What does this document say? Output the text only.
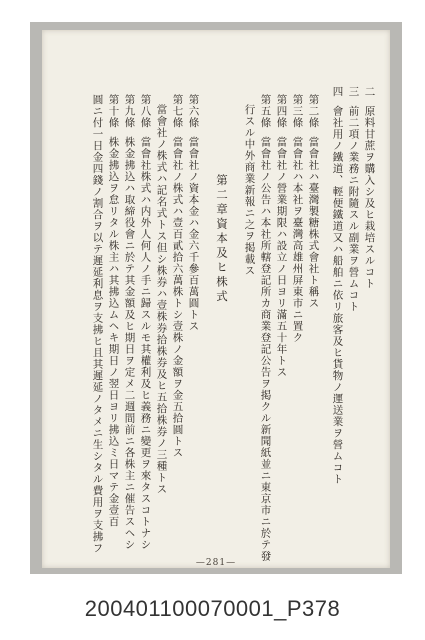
二原料甘蔗ヲ購入シ及ヒ栽培スルコト
三前二項ノ業務ニ附隨スル副業ヲ營ムコト
四會社用ノ鐵道、輕便鐵道又ハ船舶ニ依リ旅客及ヒ貨物ノ運送業ヲ營ムコト
第二條當會社ハ臺灣製糖株式會社ト稱ス
第三條當會社ハ本社ヲ臺灣高雄州屏東市ニ置ク
第四條當會社ノ營業期限ハ設立ノ日ヨリ滿五十年トス
第五條當會社ノ公告ハ本社所轄登記所カ商業登記公告ヲ掲クル新聞紙並ニ東京市ニ於テ發
行スル中外商業新報ニ之ヲ掲載ス
第二章資本及ヒ株式
第六條當會社ノ資本金ハ金六千參百萬圓トス
第七條當會社ノ株式ハ壹百貳拾六萬株トシ壹株ノ金額ヲ金五拾圓トス
當會社ノ株式ハ記名式トス但シ株券ハ壹株券拾株券及ヒ五拾株券ノ三種トス
第八條當會社株式ハ内外人何人ノ手ニ歸スルモ其權利及ヒ義務ニ變更ヲ來タスコトナシ
第九條株金拂込ハ取締役會ニ於テ其金額及ヒ期日ヲ定メ二週間前ニ各株主ニ催告スヘシ
第十條株金拂込ヲ怠リタル株主ハ其拂込ムヘキ期日ノ翌日ヨリ拂込ミ日マテ金壹百
圓ニ付一日金四錢ノ割合ヲ以テ遲延利息ヲ支拂ヒ且其遲延ノタメニ生シタル費用ヲ支拂フ
—281—
200401100070001_P378
